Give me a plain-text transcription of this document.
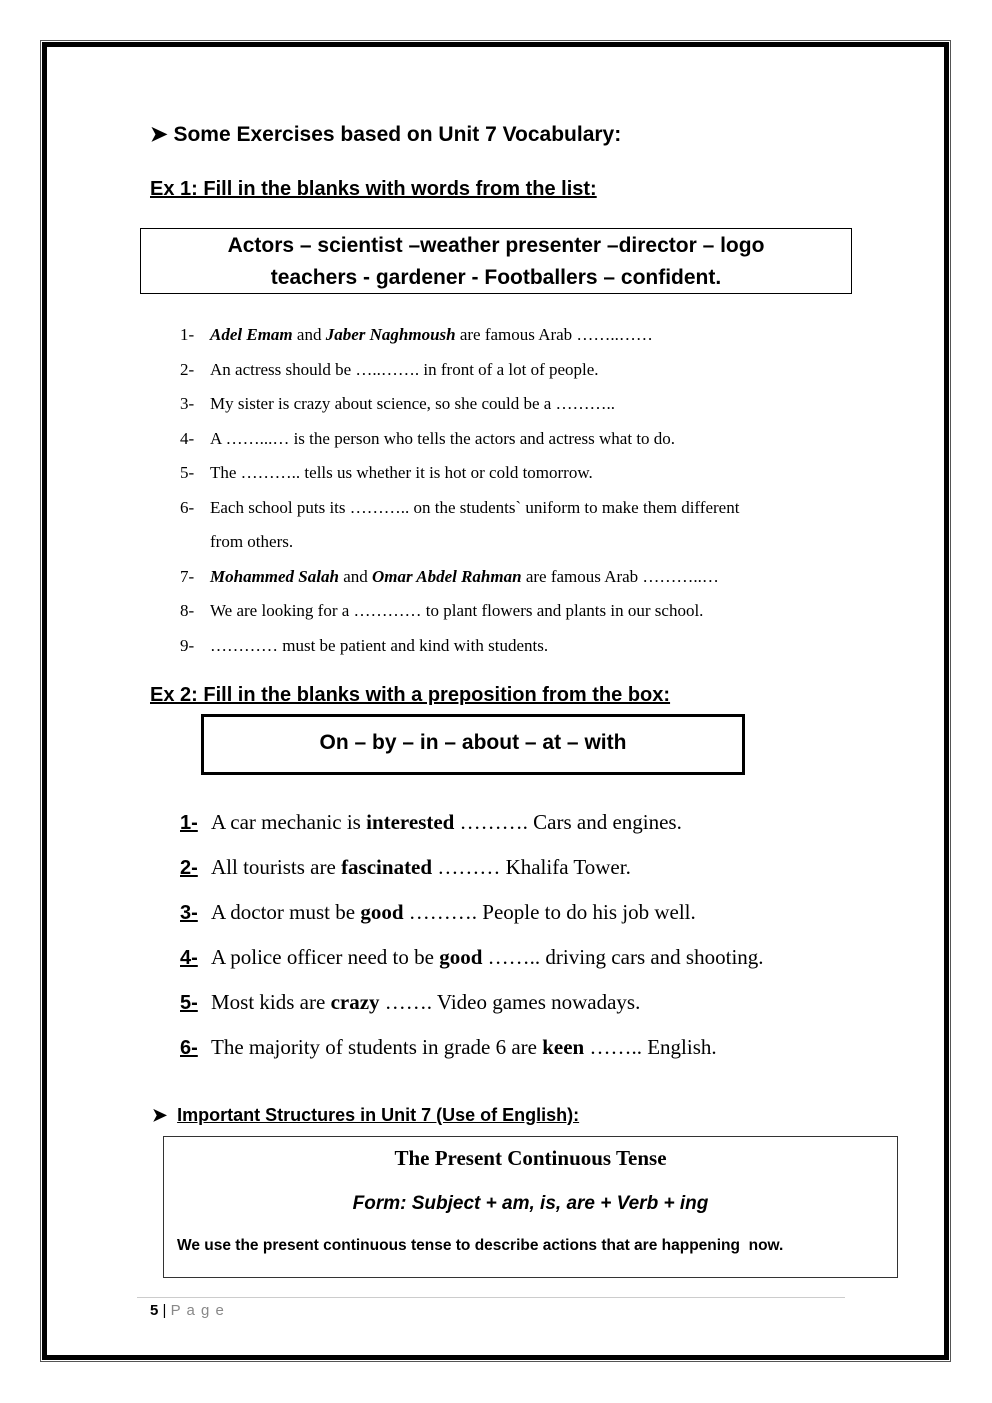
➤ Some Exercises based on Unit 7 Vocabulary:
Ex 1: Fill in the blanks with words from the list:
Actors – scientist –weather presenter –director – logo
teachers - gardener - Footballers – confident.
1- Adel Emam and Jaber Naghmoush are famous Arab ……..……
2- An actress should be …..……. in front of a lot of people.
3- My sister is crazy about science, so she could be a ………..
4- A ……...… is the person who tells the actors and actress what to do.
5- The ……….. tells us whether it is hot or cold tomorrow.
6- Each school puts its ……….. on the students` uniform to make them different
from others.
7- Mohammed Salah and Omar Abdel Rahman are famous Arab ………..…
8- We are looking for a ………… to plant flowers and plants in our school.
9- ………… must be patient and kind with students.
Ex 2: Fill in the blanks with a preposition from the box:
On – by – in – about – at – with
1- A car mechanic is interested ………. Cars and engines.
2- All tourists are fascinated ……… Khalifa Tower.
3- A doctor must be good ………. People to do his job well.
4- A police officer need to be good …….. driving cars and shooting.
5- Most kids are crazy ……. Video games nowadays.
6- The majority of students in grade 6 are keen …….. English.
➤ Important Structures in Unit 7 (Use of English):
The Present Continuous Tense
Form: Subject + am, is, are + Verb + ing
We use the present continuous tense to describe actions that are happening  now.
5 | P a g e
